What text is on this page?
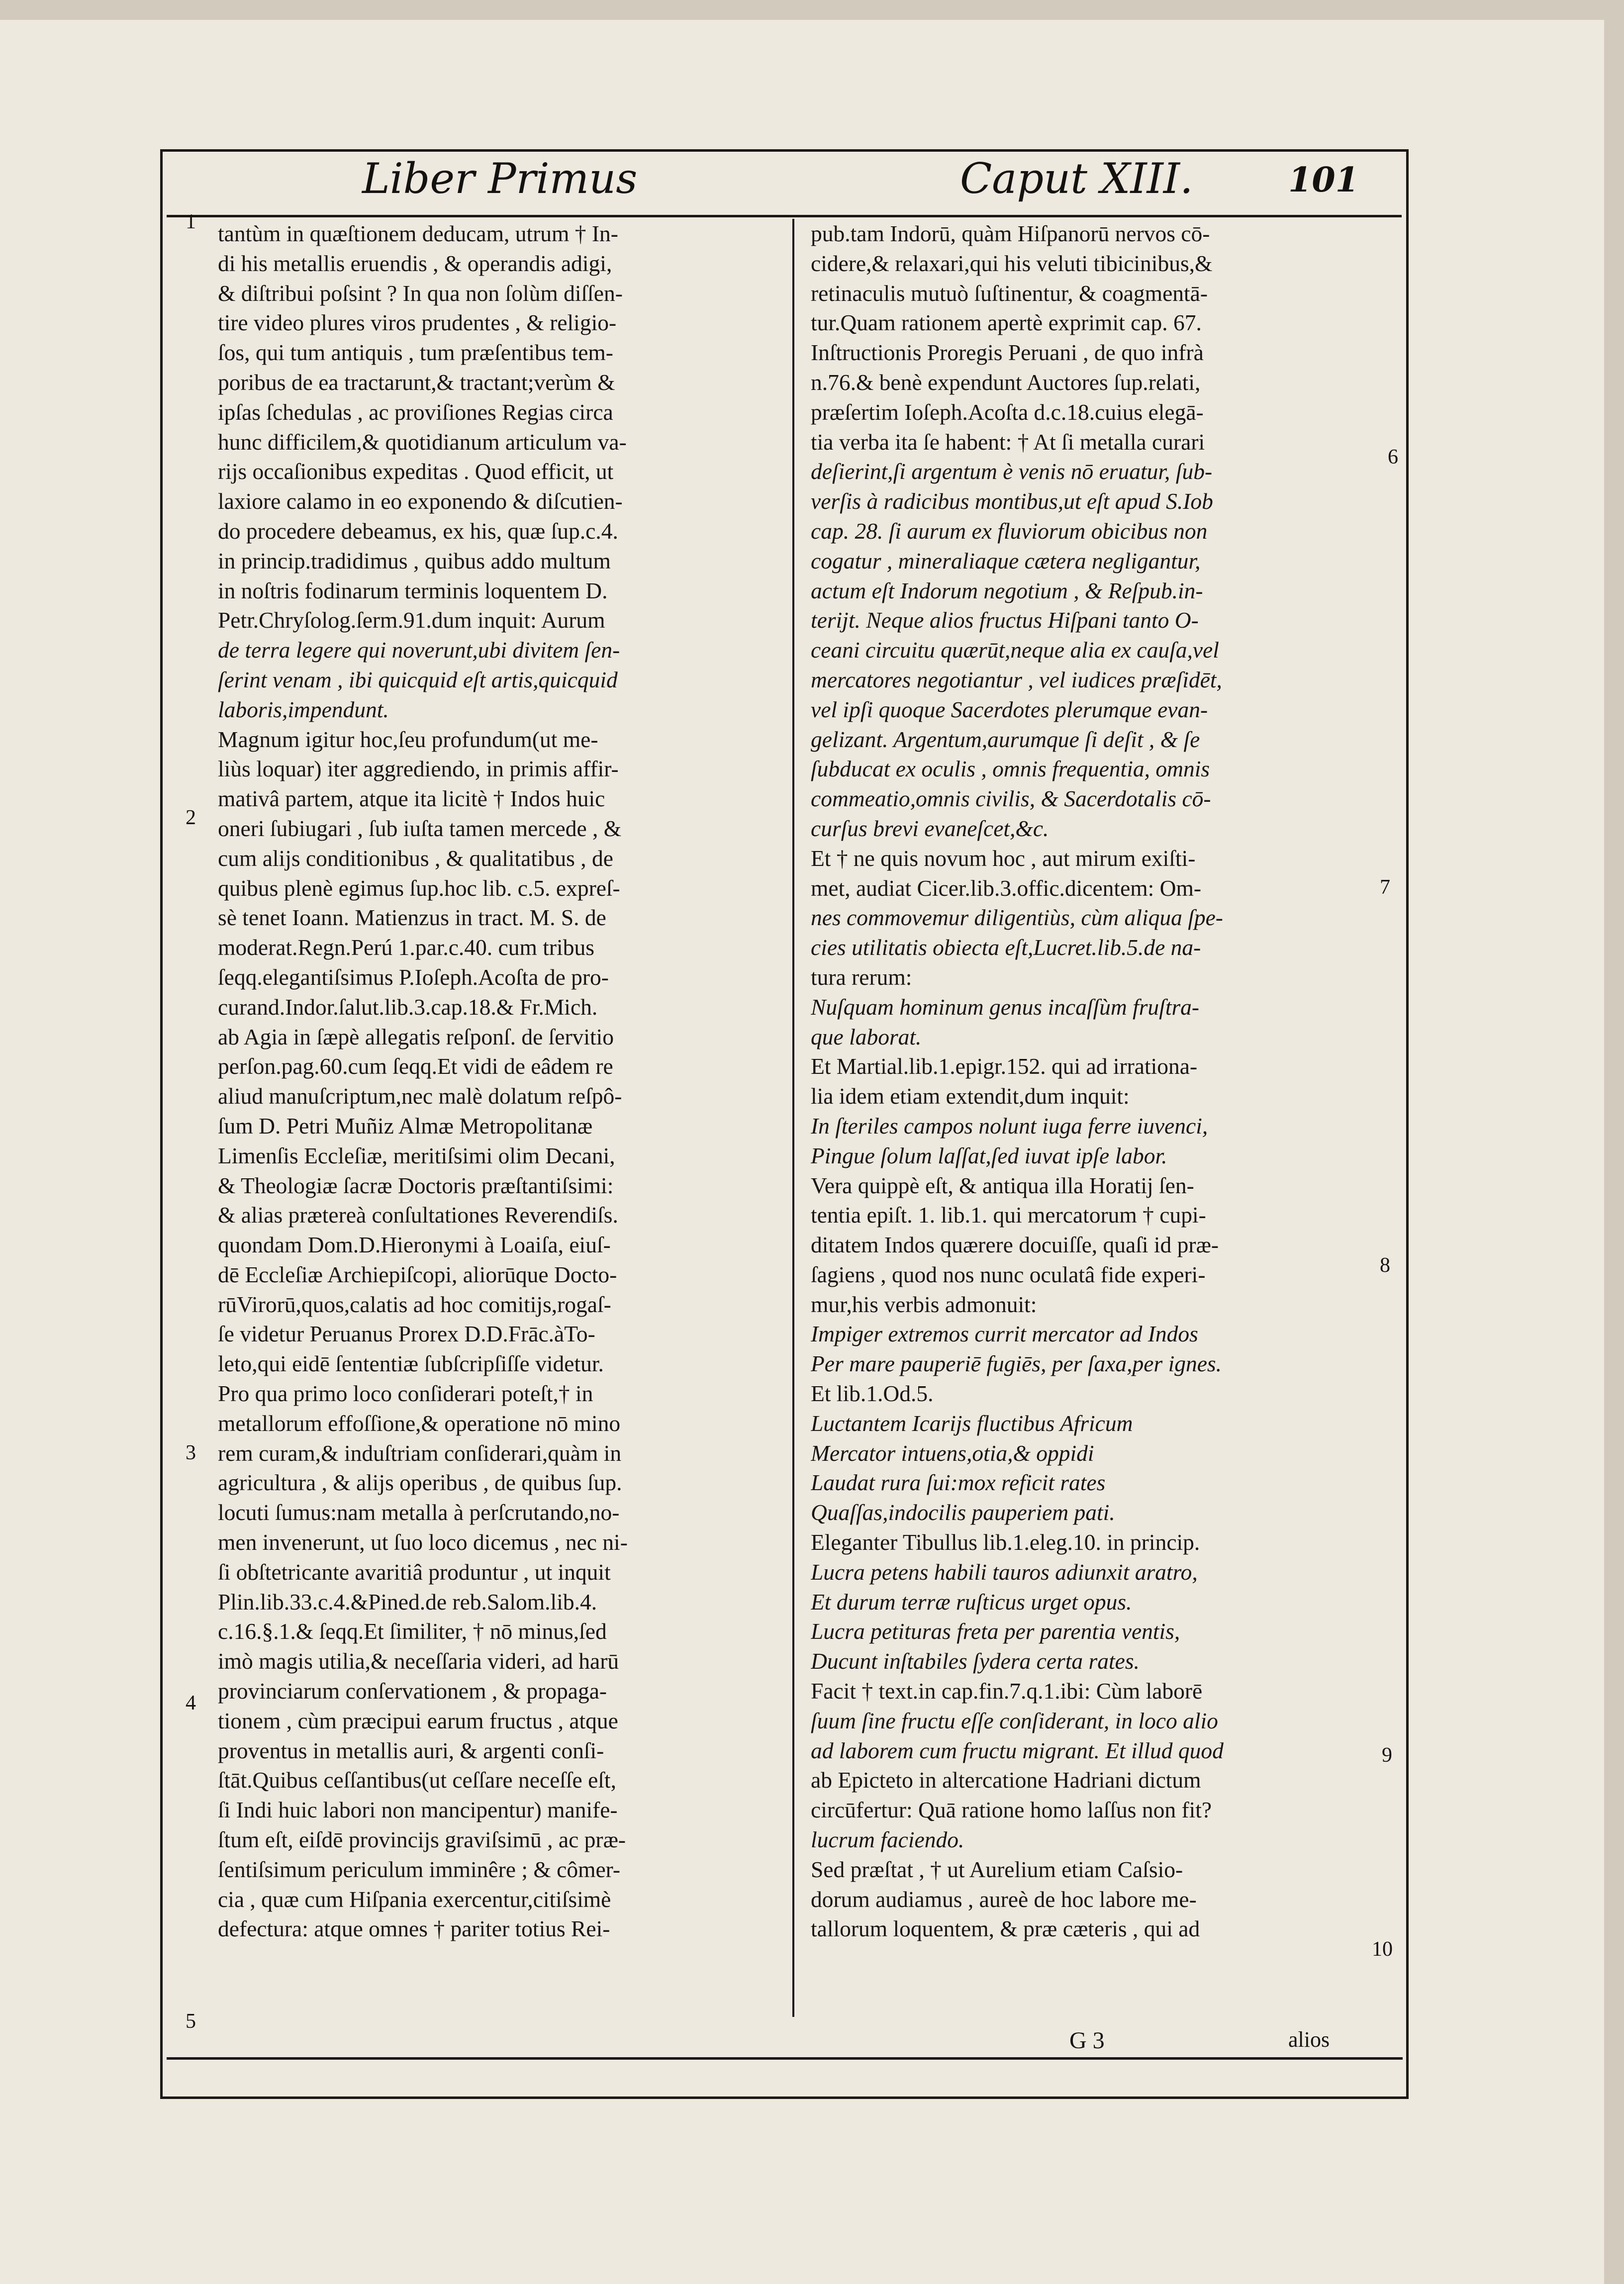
Liber Primus	Caput XIII.	101
tantùm in quæſtionem deducam, utrum † In-
di his metallis eruendis , & operandis adigi,
& diſtribui poſsint ? In qua non ſolùm diſſen-
tire video plures viros prudentes , & religio-
ſos, qui tum antiquis , tum præſentibus tem-
poribus de ea tractarunt,& tractant;verùm &
ipſas ſchedulas , ac proviſiones Regias circa
hunc difficilem,& quotidianum articulum va-
rijs occaſionibus expeditas . Quod efficit, ut
laxiore calamo in eo exponendo & diſcutien-
do procedere debeamus, ex his, quæ ſup.c.4.
in princip.tradidimus , quibus addo multum
in noſtris fodinarum terminis loquentem D.
Petr.Chryſolog.ſerm.91.dum inquit: Aurum
de terra legere qui noverunt,ubi divitem ſen-
ſerint venam , ibi quicquid eſt artis,quicquid
laboris,impendunt.
Magnum igitur hoc,ſeu profundum(ut me-
liùs loquar) iter aggrediendo, in primis affir-
mativâ partem, atque ita licitè † Indos huic
oneri ſubiugari , ſub iuſta tamen mercede , &
cum alijs conditionibus , & qualitatibus , de
quibus plenè egimus ſup.hoc lib. c.5. expreſ-
sè tenet Ioann. Matienzus in tract. M. S. de
moderat.Regn.Perú 1.par.c.40. cum tribus
ſeqq.elegantiſsimus P.Ioſeph.Acoſta de pro-
curand.Indor.ſalut.lib.3.cap.18.& Fr.Mich.
ab Agia in ſæpè allegatis reſponſ. de ſervitio
perſon.pag.60.cum ſeqq.Et vidi de eâdem re
aliud manuſcriptum,nec malè dolatum reſpô-
ſum D. Petri Muñiz Almæ Metropolitanæ
Limenſis Eccleſiæ, meritiſsimi olim Decani,
& Theologiæ ſacræ Doctoris præſtantiſsimi:
& alias prætereà conſultationes Reverendiſs.
quondam Dom.D.Hieronymi à Loaiſa, eiuſ-
dē Eccleſiæ Archiepiſcopi, aliorūque Docto-
rūVirorū,quos,calatis ad hoc comitijs,rogaſ-
ſe videtur Peruanus Prorex D.D.Frāc.àTo-
leto,qui eidē ſententiæ ſubſcripſiſſe videtur.
Pro qua primo loco conſiderari poteſt,† in
metallorum effoſſione,& operatione nō mino
rem curam,& induſtriam conſiderari,quàm in
agricultura , & alijs operibus , de quibus ſup.
locuti ſumus:nam metalla à perſcrutando,no-
men invenerunt, ut ſuo loco dicemus , nec ni-
ſi obſtetricante avaritiâ produntur , ut inquit
Plin.lib.33.c.4.&Pined.de reb.Salom.lib.4.
c.16.§.1.& ſeqq.Et ſimiliter, † nō minus,ſed
imò magis utilia,& neceſſaria videri, ad harū
provinciarum conſervationem , & propaga-
tionem , cùm præcipui earum fructus , atque
proventus in metallis auri, & argenti conſi-
ſtāt.Quibus ceſſantibus(ut ceſſare neceſſe eſt,
ſi Indi huic labori non mancipentur) manife-
ſtum eſt, eiſdē provincijs graviſsimū , ac præ-
ſentiſsimum periculum imminêre ; & cômer-
cia , quæ cum Hiſpania exercentur,citiſsimè
defectura: atque omnes † pariter totius Rei-
pub.tam Indorū, quàm Hiſpanorū nervos cō-
cidere,& relaxari,qui his veluti tibicinibus,&
retinaculis mutuò ſuſtinentur, & coagmentā-
tur.Quam rationem apertè exprimit cap. 67.
Inſtructionis Proregis Peruani , de quo infrà
n.76.& benè expendunt Auctores ſup.relati,
præſertim Ioſeph.Acoſta d.c.18.cuius elegā-
tia verba ita ſe habent: † At ſi metalla curari
deſierint,ſi argentum è venis nō eruatur, ſub-
verſis à radicibus montibus,ut eſt apud S.Iob
cap. 28. ſi aurum ex fluviorum obicibus non
cogatur , mineraliaque cætera negligantur,
actum eſt Indorum negotium , & Reſpub.in-
terijt. Neque alios fructus Hiſpani tanto O-
ceani circuitu quærūt,neque alia ex cauſa,vel
mercatores negotiantur , vel iudices præſidēt,
vel ipſi quoque Sacerdotes plerumque evan-
gelizant. Argentum,aurumque ſi deſit , & ſe
ſubducat ex oculis , omnis frequentia, omnis
commeatio,omnis civilis, & Sacerdotalis cō-
curſus brevi evaneſcet,&c.
Et † ne quis novum hoc , aut mirum exiſti-
met, audiat Cicer.lib.3.offic.dicentem: Om-
nes commovemur diligentiùs, cùm aliqua ſpe-
cies utilitatis obiecta eſt,Lucret.lib.5.de na-
tura rerum:
Nuſquam hominum genus incaſſùm fruſtra-
que laborat.
Et Martial.lib.1.epigr.152. qui ad irrationa-
lia idem etiam extendit,dum inquit:
In ſteriles campos nolunt iuga ferre iuvenci,
Pingue ſolum laſſat,ſed iuvat ipſe labor.
Vera quippè eſt, & antiqua illa Horatij ſen-
tentia epiſt. 1. lib.1. qui mercatorum † cupi-
ditatem Indos quærere docuiſſe, quaſi id præ-
ſagiens , quod nos nunc oculatâ fide experi-
mur,his verbis admonuit:
Impiger extremos currit mercator ad Indos
Per mare pauperiē fugiēs, per ſaxa,per ignes.
Et lib.1.Od.5.
Luctantem Icarijs fluctibus Africum
Mercator intuens,otia,& oppidi
Laudat rura ſui:mox reficit rates
Quaſſas,indocilis pauperiem pati.
Eleganter Tibullus lib.1.eleg.10. in princip.
Lucra petens habili tauros adiunxit aratro,
Et durum terræ ruſticus urget opus.
Lucra petituras freta per parentia ventis,
Ducunt inſtabiles ſydera certa rates.
Facit † text.in cap.fin.7.q.1.ibi: Cùm laborē
ſuum ſine fructu eſſe conſiderant, in loco alio
ad laborem cum fructu migrant. Et illud quod
ab Epicteto in altercatione Hadriani dictum
circūfertur: Quā ratione homo laſſus non fit?
lucrum faciendo.
Sed præſtat , † ut Aurelium etiam Caſsio-
dorum audiamus , aureè de hoc labore me-
tallorum loquentem, & præ cæteris , qui ad
1
2
3
4
5
6
7
8
9
10
G 3	alios
